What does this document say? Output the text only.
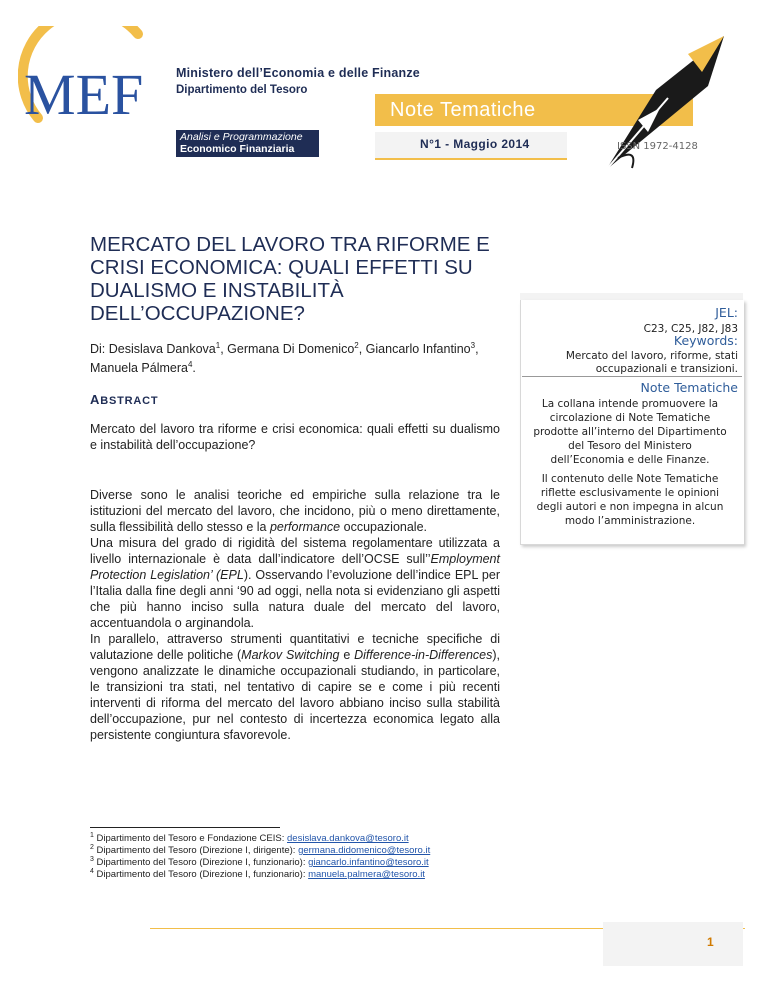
MEF	Ministero dell’Economia e delle Finanze
Dipartimento del Tesoro
Note Tematiche
Analisi e Programmazione
Economico Finanziaria	N°1 - Maggio 2014	ISSN 1972-4128
MERCATO DEL LAVORO TRA RIFORME E CRISI ECONOMICA: QUALI EFFETTI SU DUALISMO E INSTABILITÀ DELL’OCCUPAZIONE?
Di: Desislava Dankova$^1$, Germana Di Domenico$^2$, Giancarlo Infantino$^3$, Manuela Pálmera$^4$.
ABSTRACT
Mercato del lavoro tra riforme e crisi economica: quali effetti su dualismo e instabilità dell’occupazione?

Diverse sono le analisi teoriche ed empiriche sulla relazione tra le istituzioni del mercato del lavoro, che incidono, più o meno direttamente, sulla flessibilità dello stesso e la performance occupazionale.

Una misura del grado di rigidità del sistema regolamentare utilizzata a livello internazionale è data dall’indicatore dell’OCSE sull’’Employment Protection Legislation’ (EPL). Osservando l’evoluzione dell’indice EPL per l’Italia dalla fine degli anni ‘90 ad oggi, nella nota si evidenziano gli aspetti che più hanno inciso sulla natura duale del mercato del lavoro, accentuandola o arginandola.

In parallelo, attraverso strumenti quantitativi e tecniche specifiche di valutazione delle politiche (Markov Switching e Difference-in-Differences), vengono analizzate le dinamiche occupazionali studiando, in particolare, le transizioni tra stati, nel tentativo di capire se e come i più recenti interventi di riforma del mercato del lavoro abbiano inciso sulla stabilità dell’occupazione, pur nel contesto di incertezza economica legato alla persistente congiuntura sfavorevole.

JEL:
C23, C25, J82, J83
Keywords:
Mercato del lavoro, riforme, stati
occupazionali e transizioni.
Note Tematiche
La collana intende promuovere la circolazione di Note Tematiche prodotte all’interno del Dipartimento del Tesoro del Ministero dell’Economia e delle Finanze.
Il contenuto delle Note Tematiche riflette esclusivamente le opinioni degli autori e non impegna in alcun modo l’amministrazione.
$^1$ Dipartimento del Tesoro e Fondazione CEIS: desislava.dankova@tesoro.it
$^2$ Dipartimento del Tesoro (Direzione I, dirigente): germana.didomenico@tesoro.it
$^3$ Dipartimento del Tesoro (Direzione I, funzionario): giancarlo.infantino@tesoro.it
$^4$ Dipartimento del Tesoro (Direzione I, funzionario): manuela.palmera@tesoro.it
1
